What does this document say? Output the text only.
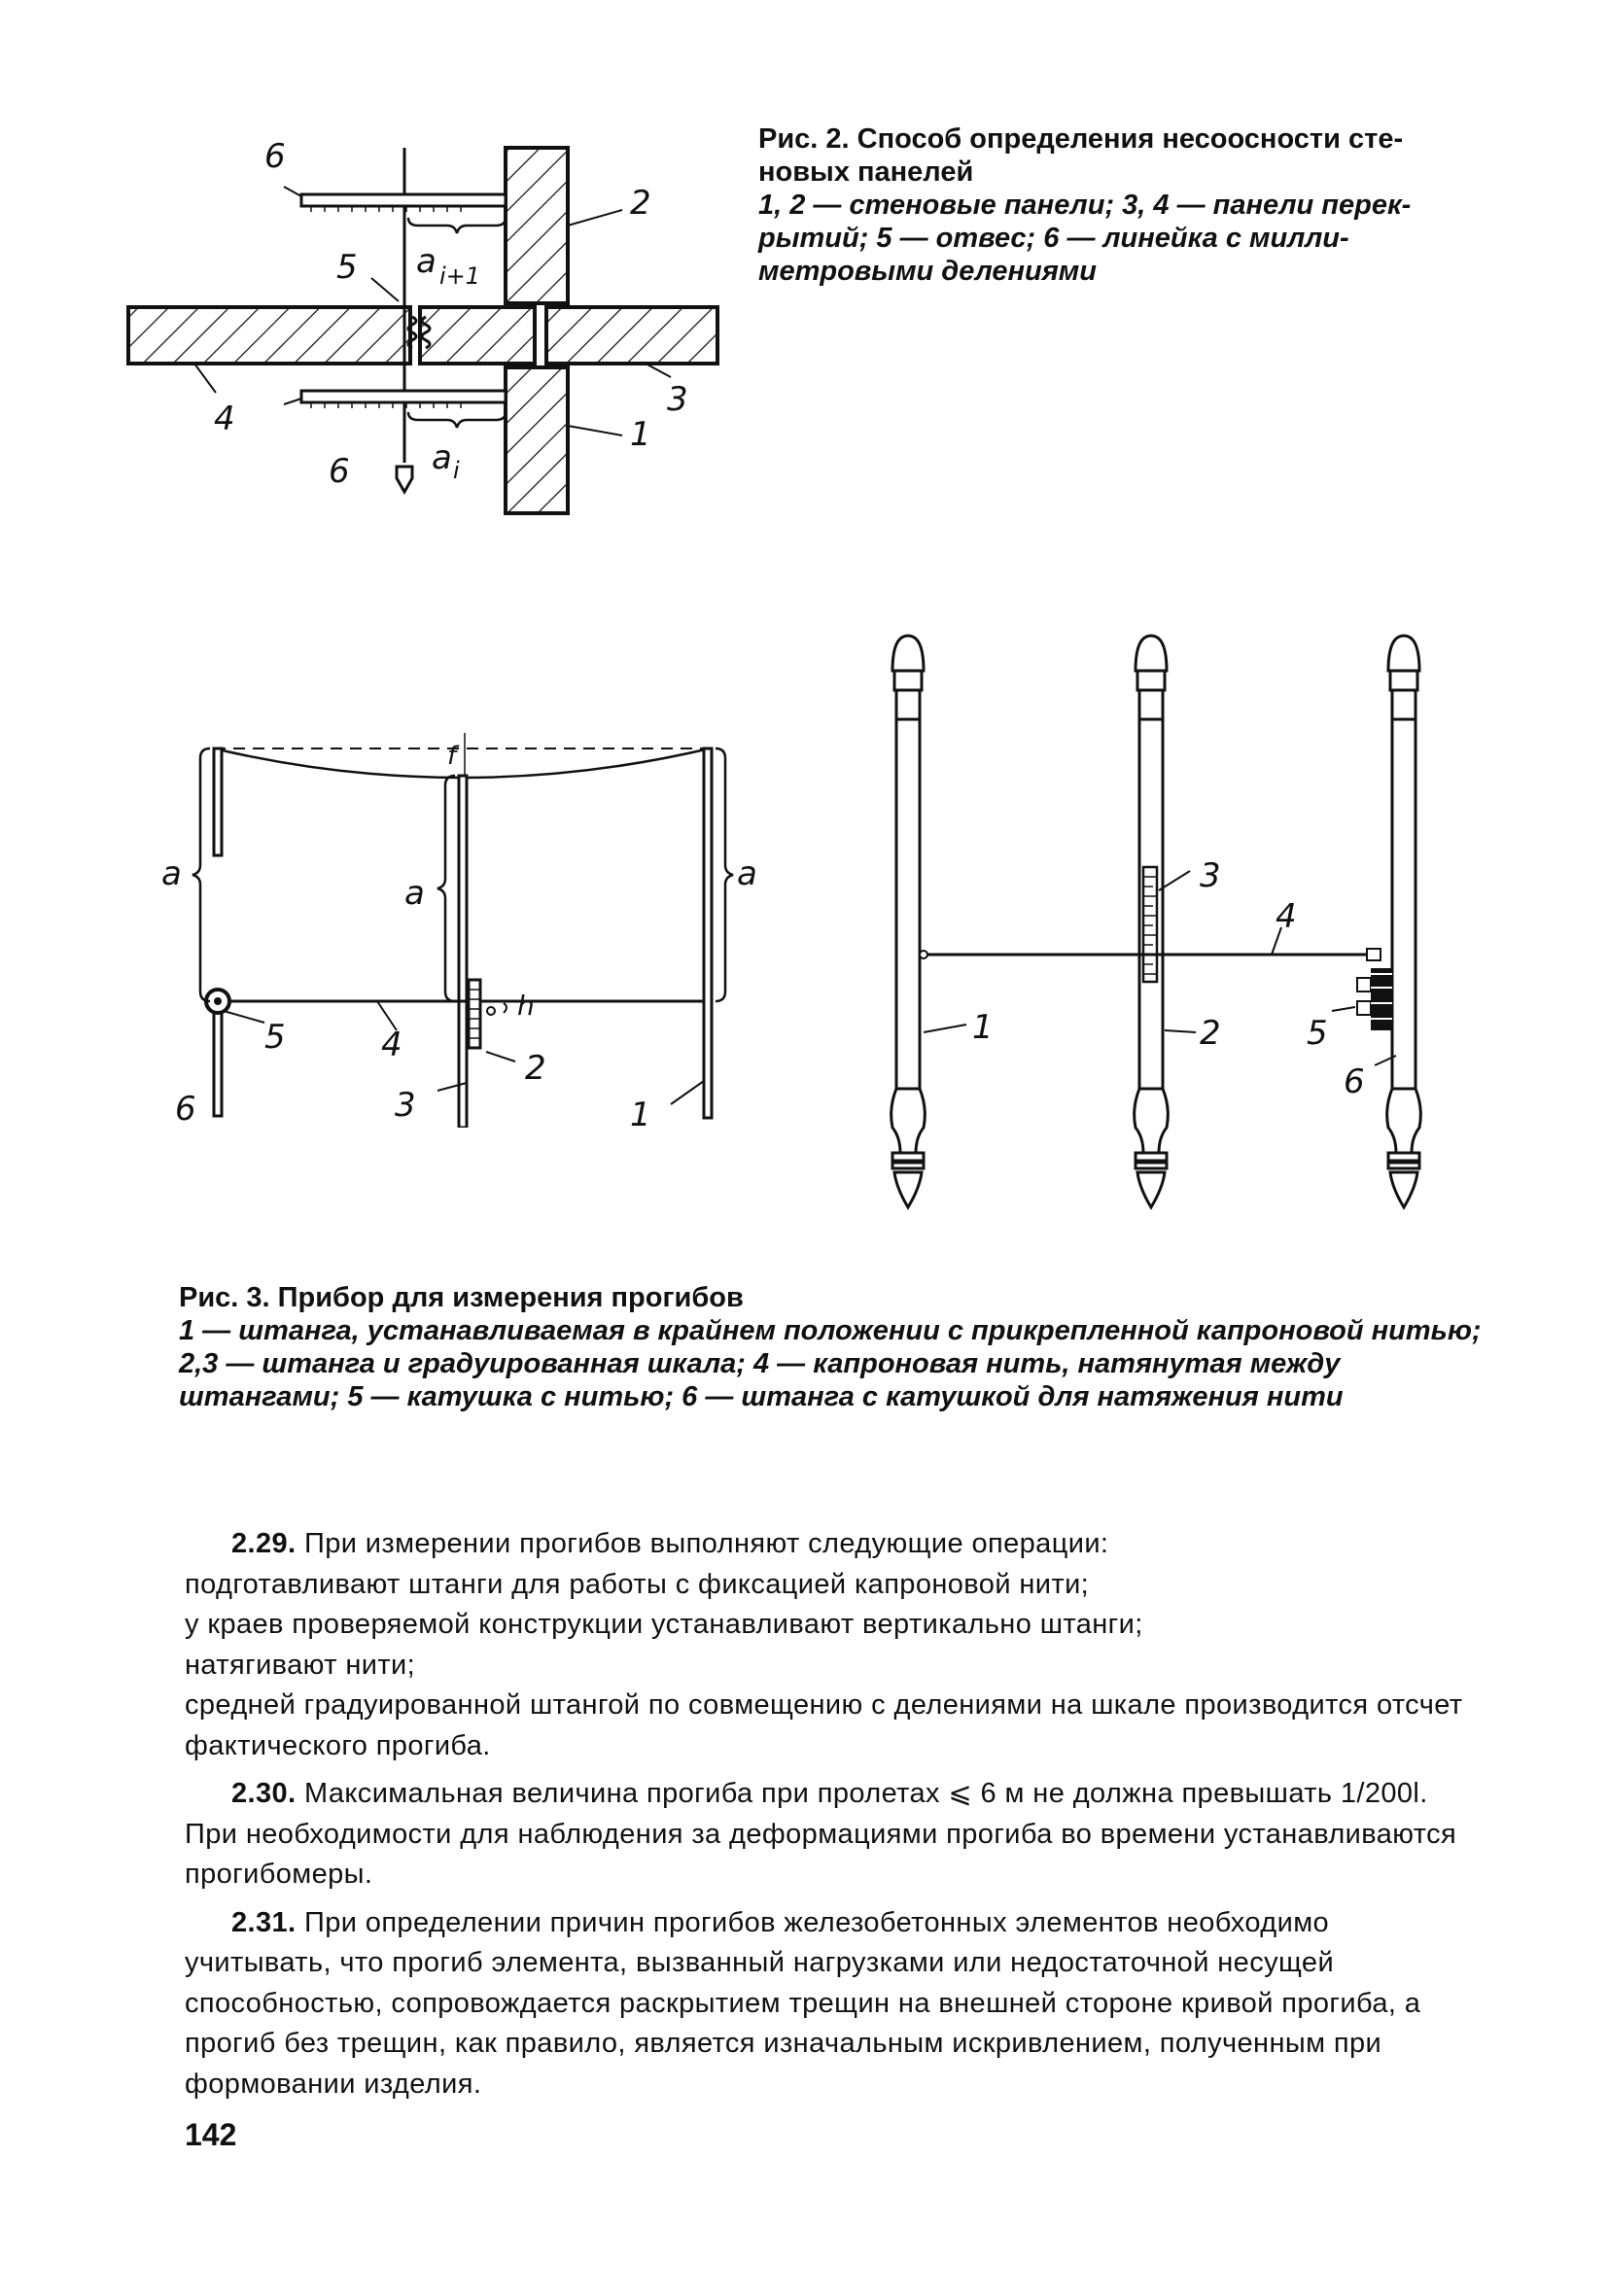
6
2
a i+1
5
3
4
6 a i
1
Рис. 2. Способ определения несоосности сте-новых панелей
1, 2 — стеновые панели; 3, 4 — панели перек-рытий; 5 — отвес; 6 — линейка с милли-метровыми делениями
a
f
a	a
h
5	4
2
6	3	1
3
4
1	2	5
6
Рис. 3. Прибор для измерения прогибов
1 — штанга, устанавливаемая в крайнем положении с прикрепленной капроновой нитью; 2,3 — штанга и градуированная шкала; 4 — капроновая нить, натянутая между штангами; 5 — катушка с нитью; 6 — штанга с катушкой для натяжения нити

2.29. При измерении прогибов выполняют следующие операции:

подготавливают штанги для работы с фиксацией капроновой нити;

у краев проверяемой конструкции устанавливают вертикально штанги;

натягивают нити;

средней градуированной штангой по совмещению с делениями на шкале производится отсчет фактического прогиба.

2.30. Максимальная величина прогиба при пролетах ⩽ 6 м не должна превышать 1/200l. При необходимости для наблюдения за деформациями прогиба во времени устанавливаются прогибомеры.

2.31. При определении причин прогибов железобетонных элементов необходимо учитывать, что прогиб элемента, вызванный нагрузками или недостаточной несущей способностью, сопровождается раскрытием трещин на внешней стороне кривой прогиба, а прогиб без трещин, как правило, является изначальным искривлением, полученным при формовании изделия.

142
